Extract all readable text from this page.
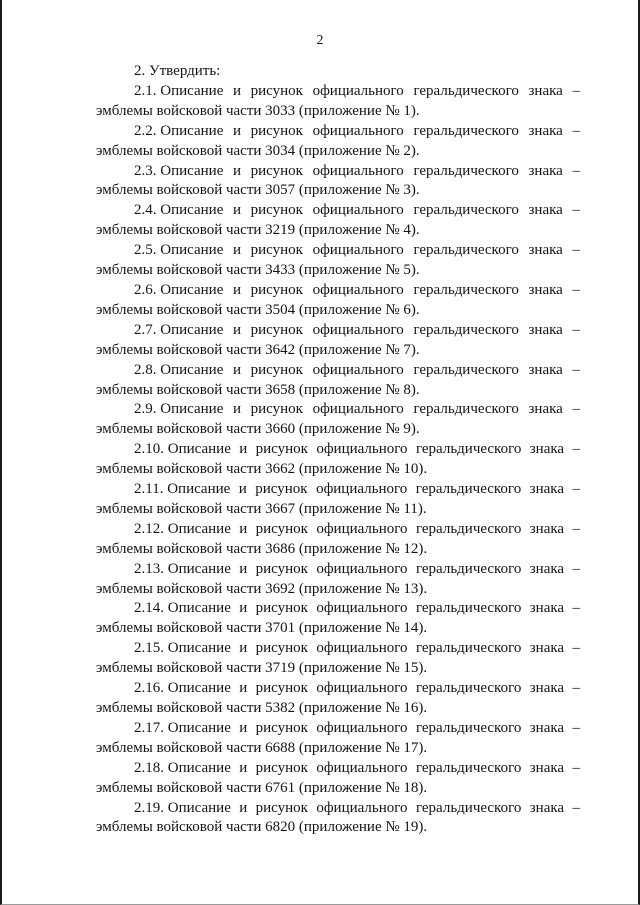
2

2. Утвердить:

2.1. Описание и рисунок официального геральдического знака –
эмблемы войсковой части 3033 (приложение № 1).
2.2. Описание и рисунок официального геральдического знака –
эмблемы войсковой части 3034 (приложение № 2).
2.3. Описание и рисунок официального геральдического знака –
эмблемы войсковой части 3057 (приложение № 3).
2.4. Описание и рисунок официального геральдического знака –
эмблемы войсковой части 3219 (приложение № 4).
2.5. Описание и рисунок официального геральдического знака –
эмблемы войсковой части 3433 (приложение № 5).
2.6. Описание и рисунок официального геральдического знака –
эмблемы войсковой части 3504 (приложение № 6).
2.7. Описание и рисунок официального геральдического знака –
эмблемы войсковой части 3642 (приложение № 7).
2.8. Описание и рисунок официального геральдического знака –
эмблемы войсковой части 3658 (приложение № 8).
2.9. Описание и рисунок официального геральдического знака –
эмблемы войсковой части 3660 (приложение № 9).
2.10. Описание и рисунок официального геральдического знака –
эмблемы войсковой части 3662 (приложение № 10).
2.11. Описание и рисунок официального геральдического знака –
эмблемы войсковой части 3667 (приложение № 11).
2.12. Описание и рисунок официального геральдического знака –
эмблемы войсковой части 3686 (приложение № 12).
2.13. Описание и рисунок официального геральдического знака –
эмблемы войсковой части 3692 (приложение № 13).
2.14. Описание и рисунок официального геральдического знака –
эмблемы войсковой части 3701 (приложение № 14).
2.15. Описание и рисунок официального геральдического знака –
эмблемы войсковой части 3719 (приложение № 15).
2.16. Описание и рисунок официального геральдического знака –
эмблемы войсковой части 5382 (приложение № 16).
2.17. Описание и рисунок официального геральдического знака –
эмблемы войсковой части 6688 (приложение № 17).
2.18. Описание и рисунок официального геральдического знака –
эмблемы войсковой части 6761 (приложение № 18).
2.19. Описание и рисунок официального геральдического знака –
эмблемы войсковой части 6820 (приложение № 19).
